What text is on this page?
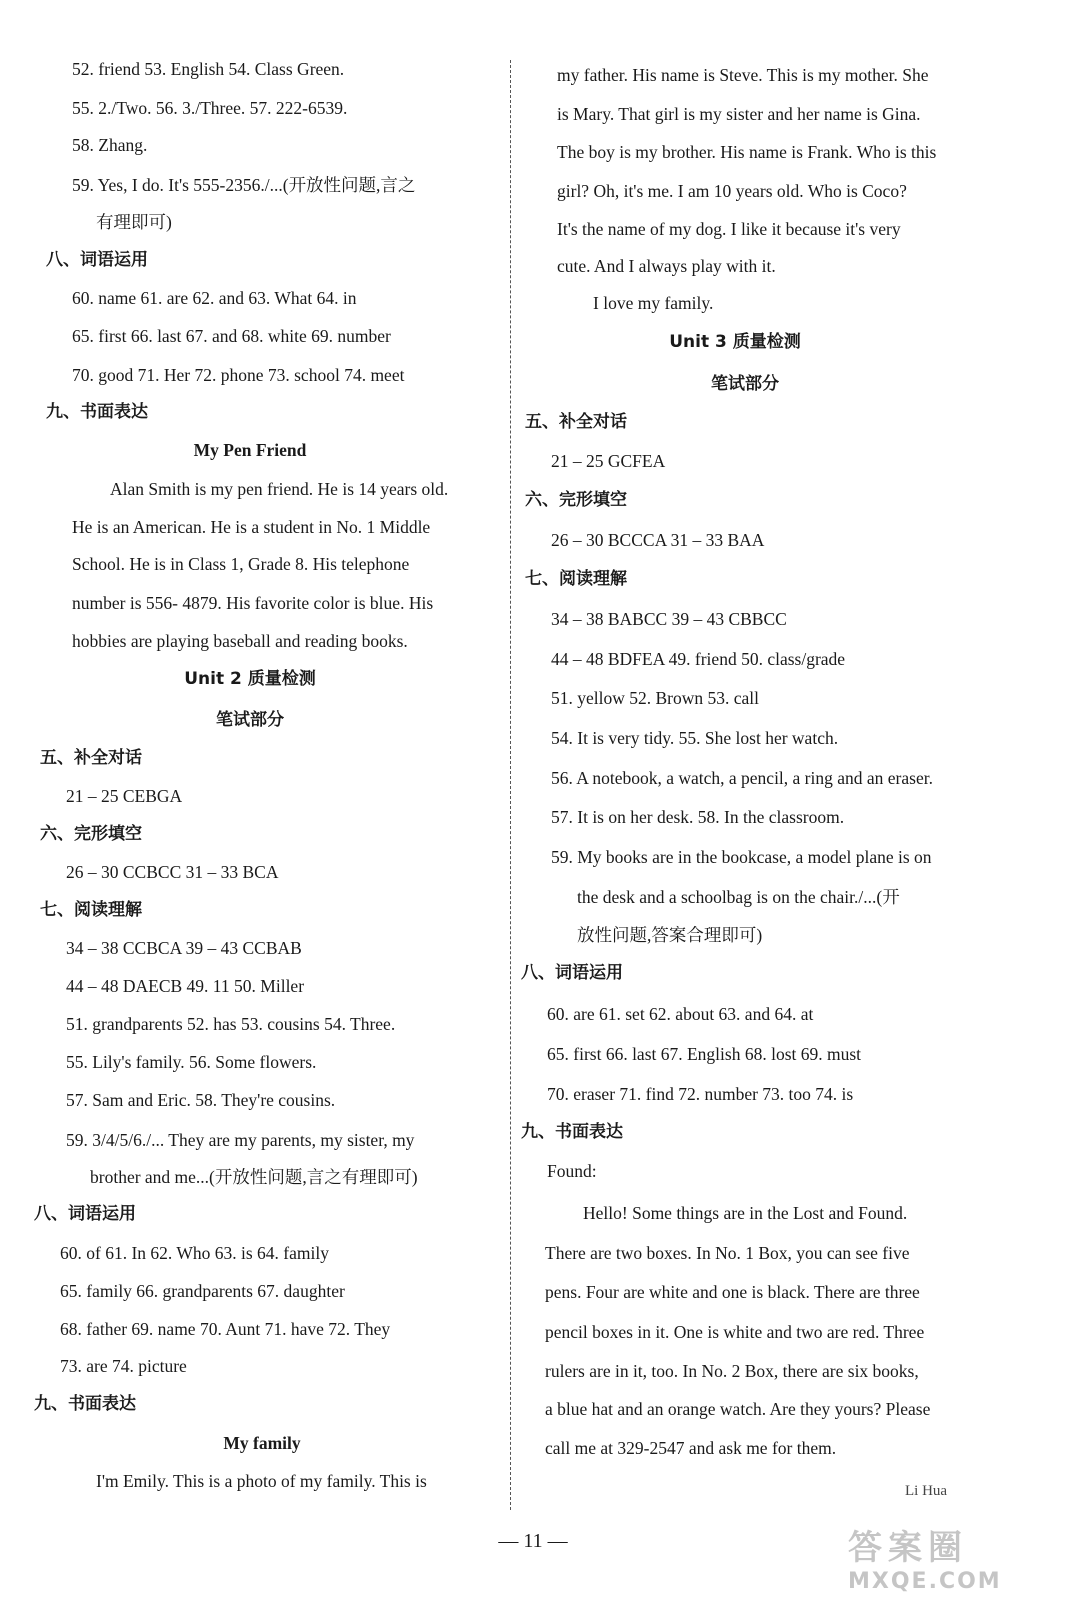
52. friend 53. English 54. Class Green.
55. 2./Two. 56. 3./Three. 57. 222-6539.
58. Zhang.
59. Yes, I do. It's 555-2356./...(开放性问题,言之
有理即可)
八、词语运用
60. name 61. are 62. and 63. What 64. in
65. first 66. last 67. and 68. white 69. number
70. good 71. Her 72. phone 73. school 74. meet
九、书面表达
My Pen Friend
Alan Smith is my pen friend. He is 14 years old.
He is an American. He is a student in No. 1 Middle
School. He is in Class 1, Grade 8. His telephone
number is 556- 4879. His favorite color is blue. His
hobbies are playing baseball and reading books.
Unit 2 质量检测
笔试部分
五、补全对话
21 – 25 CEBGA
六、完形填空
26 – 30 CCBCC 31 – 33 BCA
七、阅读理解
34 – 38 CCBCA 39 – 43 CCBAB
44 – 48 DAECB 49. 11 50. Miller
51. grandparents 52. has 53. cousins 54. Three.
55. Lily's family. 56. Some flowers.
57. Sam and Eric. 58. They're cousins.
59. 3/4/5/6./... They are my parents, my sister, my
brother and me...(开放性问题,言之有理即可)
八、词语运用
60. of 61. In 62. Who 63. is 64. family
65. family 66. grandparents 67. daughter
68. father 69. name 70. Aunt 71. have 72. They
73. are 74. picture
九、书面表达
My family
I'm Emily. This is a photo of my family. This is
my father. His name is Steve. This is my mother. She
is Mary. That girl is my sister and her name is Gina.
The boy is my brother. His name is Frank. Who is this
girl? Oh, it's me. I am 10 years old. Who is Coco?
It's the name of my dog. I like it because it's very
cute. And I always play with it.
I love my family.
Unit 3 质量检测
笔试部分
五、补全对话
21 – 25 GCFEA
六、完形填空
26 – 30 BCCCA 31 – 33 BAA
七、阅读理解
34 – 38 BABCC 39 – 43 CBBCC
44 – 48 BDFEA 49. friend 50. class/grade
51. yellow 52. Brown 53. call
54. It is very tidy. 55. She lost her watch.
56. A notebook, a watch, a pencil, a ring and an eraser.
57. It is on her desk. 58. In the classroom.
59. My books are in the bookcase, a model plane is on
the desk and a schoolbag is on the chair./...(开
放性问题,答案合理即可)
八、词语运用
60. are 61. set 62. about 63. and 64. at
65. first 66. last 67. English 68. lost 69. must
70. eraser 71. find 72. number 73. too 74. is
九、书面表达
Found:
Hello! Some things are in the Lost and Found.
There are two boxes. In No. 1 Box, you can see five
pens. Four are white and one is black. There are three
pencil boxes in it. One is white and two are red. Three
rulers are in it, too. In No. 2 Box, there are six books,
a blue hat and an orange watch. Are they yours? Please
call me at 329-2547 and ask me for them.
Li Hua
— 11 —	答案圈
MXQE.COM
